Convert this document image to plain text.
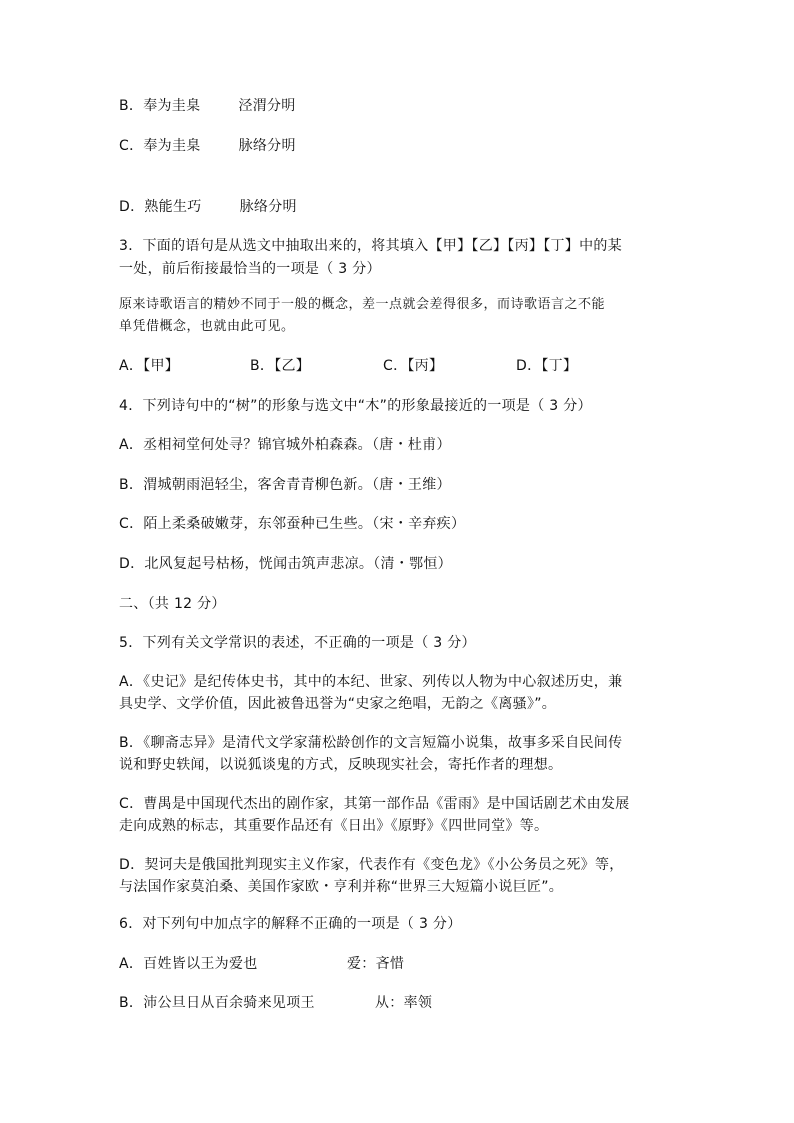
B．奉为圭臬	泾渭分明
C．奉为圭臬	脉络分明
D．熟能生巧	脉络分明
3．下面的语句是从选文中抽取出来的，将其填入【甲】【乙】【丙】【丁】中的某
一处，前后衔接最恰当的一项是（ 3 分）
原来诗歌语言的精妙不同于一般的概念，差一点就会差得很多，而诗歌语言之不能
单凭借概念，也就由此可见。
A．【甲】	B．【乙】	C．【丙】	D．【丁】
4．下列诗句中的“树”的形象与选文中“木”的形象最接近的一项是（ 3 分）
A．丞相祠堂何处寻？锦官城外柏森森。（唐・杜甫）
B．渭城朝雨浥轻尘，客舍青青柳色新。（唐・王维）
C．陌上柔桑破嫩芽，东邻蚕种已生些。（宋・辛弃疾）
D．北风复起号枯杨，恍闻击筑声悲凉。（清・鄂恒）
二、（共 12 分）
5．下列有关文学常识的表述，不正确的一项是（ 3 分）
A．《史记》是纪传体史书，其中的本纪、世家、列传以人物为中心叙述历史，兼
具史学、文学价值，因此被鲁迅誉为“史家之绝唱，无韵之《离骚》”。
B．《聊斋志异》是清代文学家蒲松龄创作的文言短篇小说集，故事多采自民间传
说和野史轶闻，以说狐谈鬼的方式，反映现实社会，寄托作者的理想。
C．曹禺是中国现代杰出的剧作家，其第一部作品《雷雨》是中国话剧艺术由发展
走向成熟的标志，其重要作品还有《日出》《原野》《四世同堂》等。
D．契诃夫是俄国批判现实主义作家，代表作有《变色龙》《小公务员之死》等，
与法国作家莫泊桑、美国作家欧・亨利并称“世界三大短篇小说巨匠”。
6．对下列句中加点字的解释不正确的一项是（ 3 分）
A．百姓皆以王为爱也	爱：吝惜
B．沛公旦日从百余骑来见项王	从：率领
